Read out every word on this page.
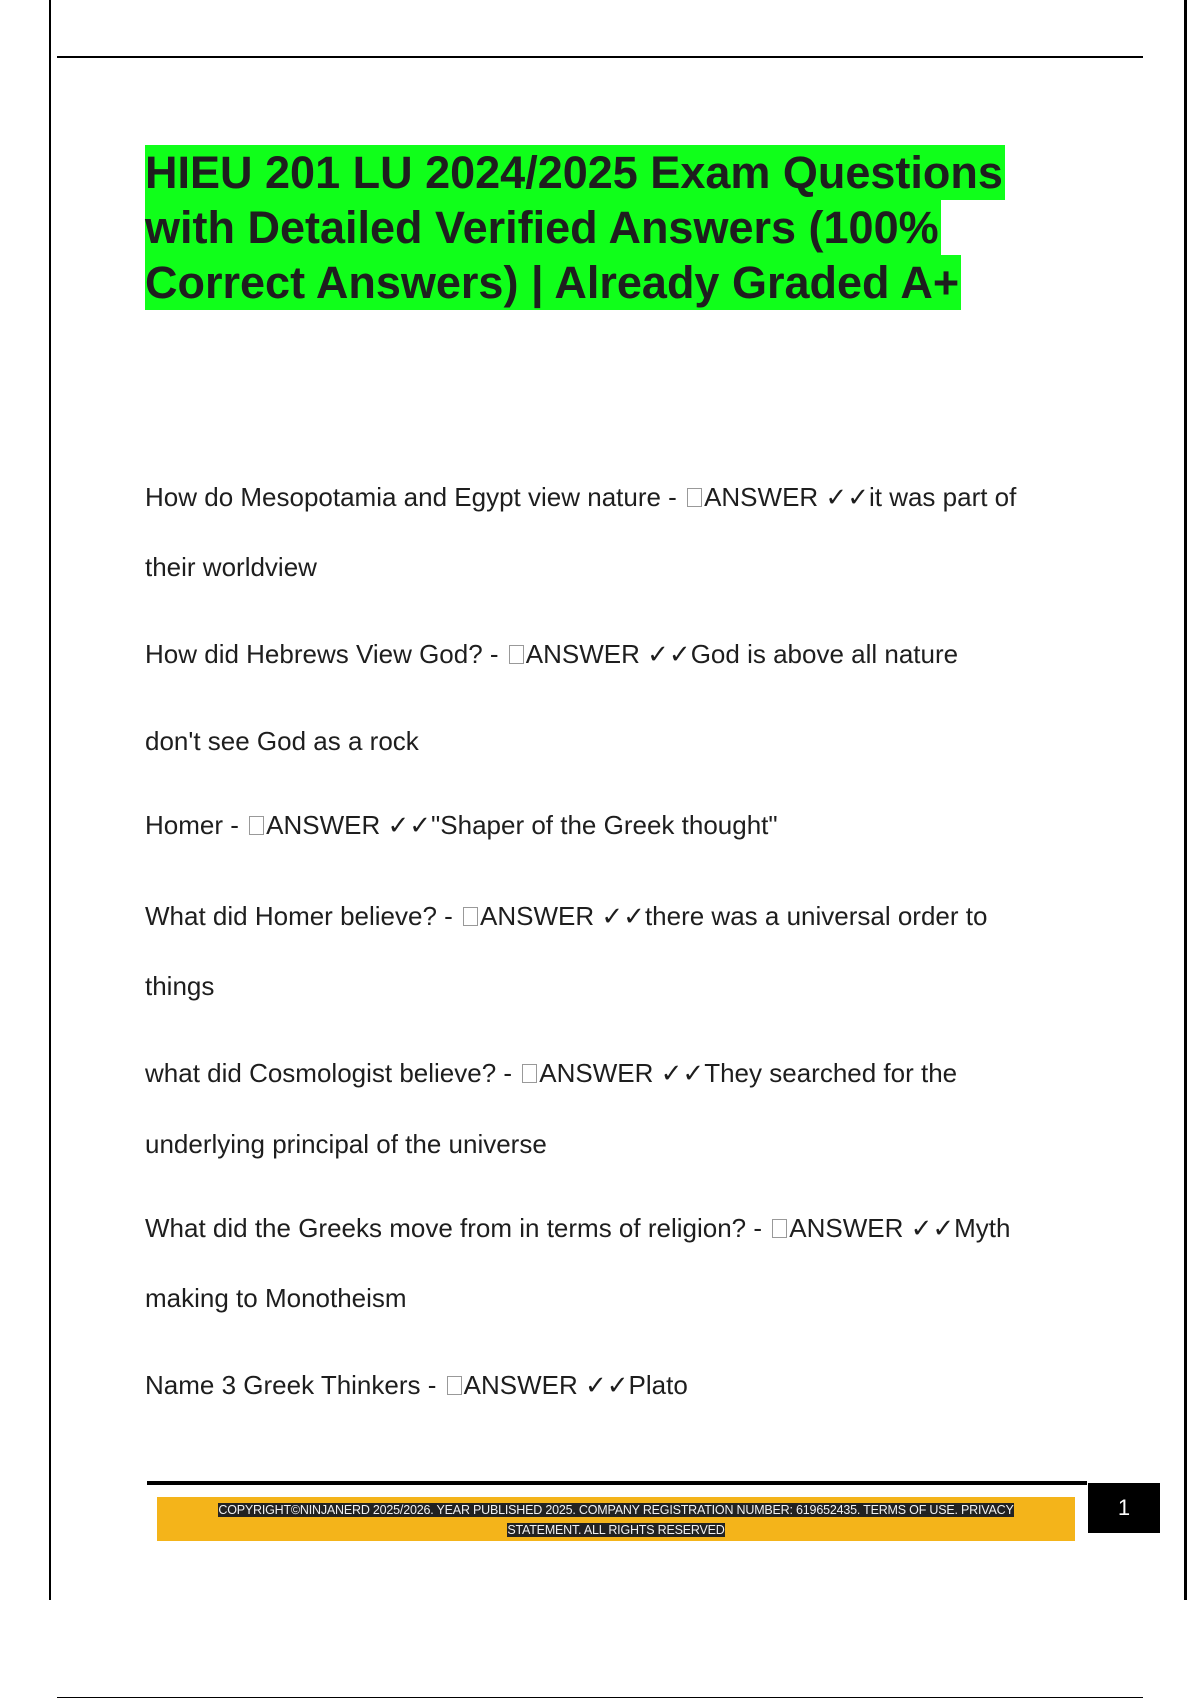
HIEU 201 LU 2024/2025 Exam Questions
with Detailed Verified Answers (100%
Correct Answers) | Already Graded A+
How do Mesopotamia and Egypt view nature - ANSWER ✓✓it was part of
their worldview
How did Hebrews View God? - ANSWER ✓✓God is above all nature
don't see God as a rock
Homer - ANSWER ✓✓"Shaper of the Greek thought"
What did Homer believe? - ANSWER ✓✓there was a universal order to
things
what did Cosmologist believe? - ANSWER ✓✓They searched for the
underlying principal of the universe
What did the Greeks move from in terms of religion? - ANSWER ✓✓Myth
making to Monotheism
Name 3 Greek Thinkers - ANSWER ✓✓Plato
COPYRIGHT©NINJANERD 2025/2026. YEAR PUBLISHED 2025. COMPANY REGISTRATION NUMBER: 619652435. TERMS OF USE. PRIVACY
STATEMENT. ALL RIGHTS RESERVED
1
